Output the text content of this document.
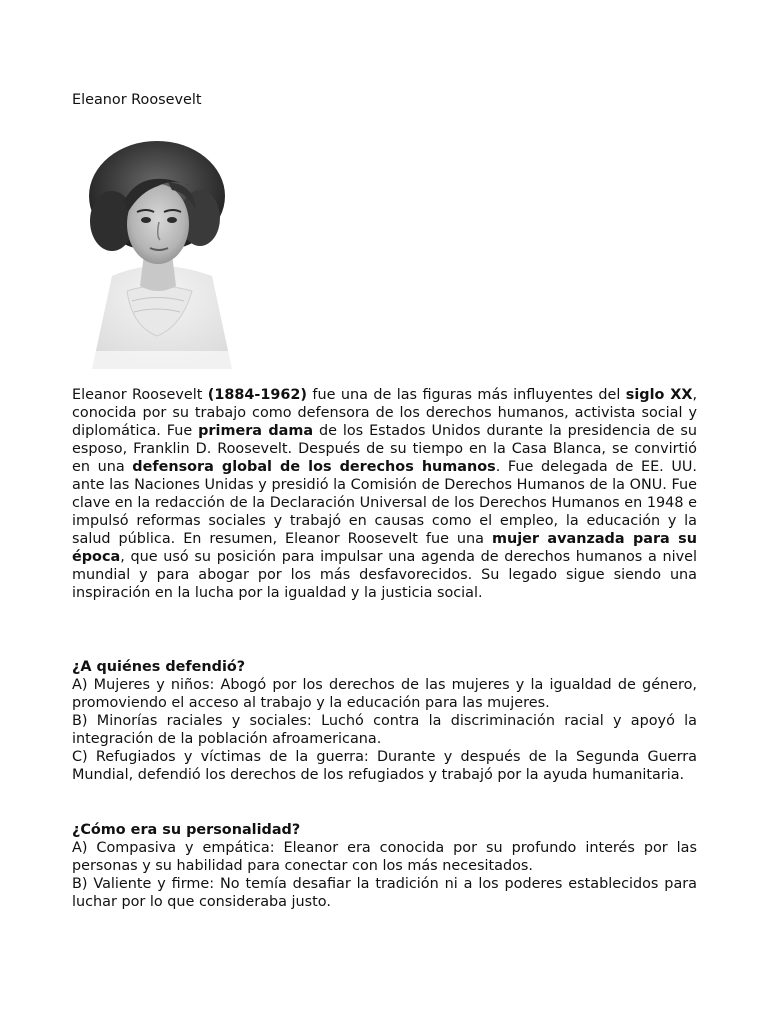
Eleanor Roosevelt

Eleanor Roosevelt (1884-1962) fue una de las figuras más influyentes del siglo XX, conocida por su trabajo como defensora de los derechos humanos, activista social y diplomática. Fue primera dama de los Estados Unidos durante la presidencia de su esposo, Franklin D. Roosevelt. Después de su tiempo en la Casa Blanca, se convirtió en una defensora global de los derechos humanos. Fue delegada de EE. UU. ante las Naciones Unidas y presidió la Comisión de Derechos Humanos de la ONU. Fue clave en la redacción de la Declaración Universal de los Derechos Humanos en 1948 e impulsó reformas sociales y trabajó en causas como el empleo, la educación y la salud pública. En resumen, Eleanor Roosevelt fue una mujer avanzada para su época, que usó su posición para impulsar una agenda de derechos humanos a nivel mundial y para abogar por los más desfavorecidos. Su legado sigue siendo una inspiración en la lucha por la igualdad y la justicia social.

¿A quiénes defendió?

A) Mujeres y niños: Abogó por los derechos de las mujeres y la igualdad de género, promoviendo el acceso al trabajo y la educación para las mujeres.

B) Minorías raciales y sociales: Luchó contra la discriminación racial y apoyó la integración de la población afroamericana.

C) Refugiados y víctimas de la guerra: Durante y después de la Segunda Guerra Mundial, defendió los derechos de los refugiados y trabajó por la ayuda humanitaria.

¿Cómo era su personalidad?

A) Compasiva y empática: Eleanor era conocida por su profundo interés por las personas y su habilidad para conectar con los más necesitados.

B) Valiente y firme: No temía desafiar la tradición ni a los poderes establecidos para luchar por lo que consideraba justo.
